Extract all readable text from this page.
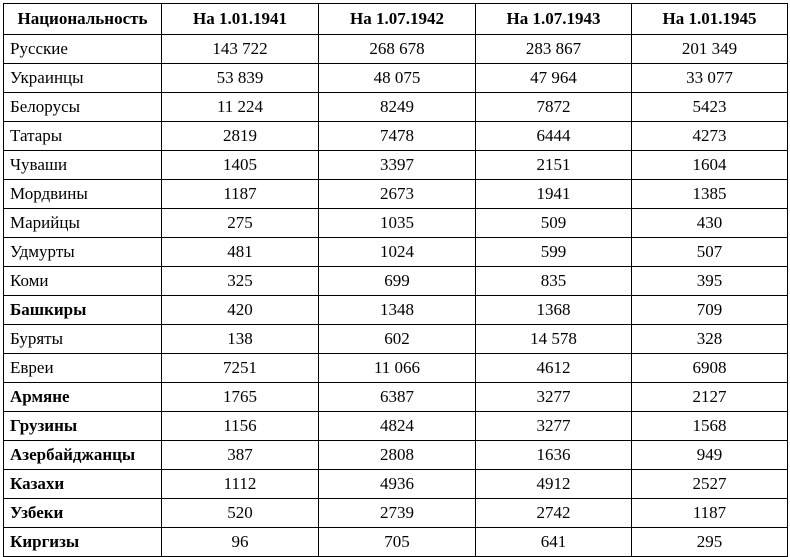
Национальность	На 1.01.1941	На 1.07.1942	На 1.07.1943	На 1.01.1945
Русские	143 722	268 678	283 867	201 349
Украинцы	53 839	48 075	47 964	33 077
Белорусы	11 224	8249	7872	5423
Татары	2819	7478	6444	4273
Чуваши	1405	3397	2151	1604
Мордвины	1187	2673	1941	1385
Марийцы	275	1035	509	430
Удмурты	481	1024	599	507
Коми	325	699	835	395
Башкиры	420	1348	1368	709
Буряты	138	602	14 578	328
Евреи	7251	11 066	4612	6908
Армяне	1765	6387	3277	2127
Грузины	1156	4824	3277	1568
Азербайджанцы	387	2808	1636	949
Казахи	1112	4936	4912	2527
Узбеки	520	2739	2742	1187
Киргизы	96	705	641	295
